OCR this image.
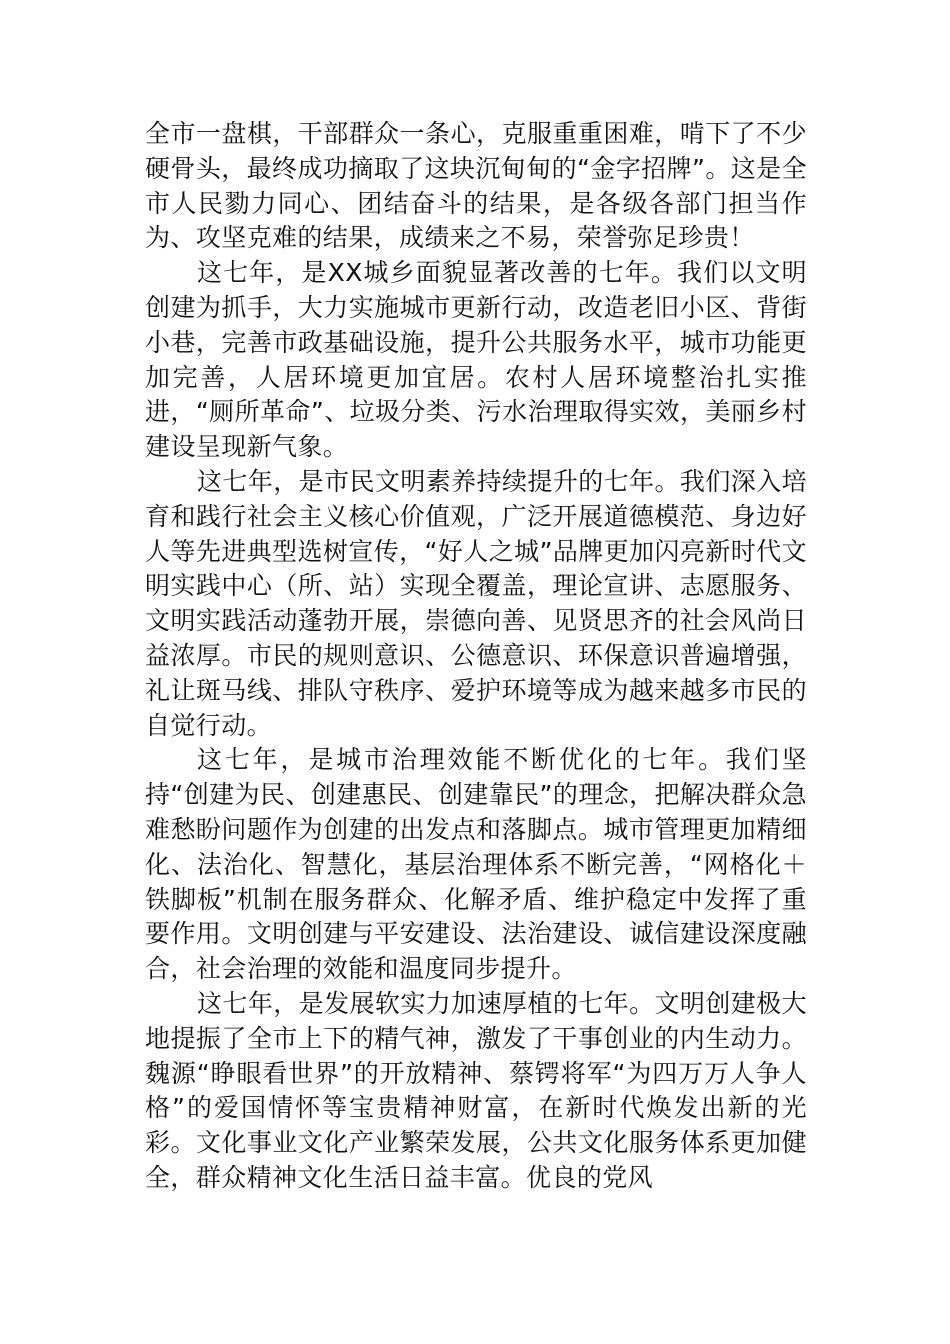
全市一盘棋，干部群众一条心，克服重重困难，啃下了不少硬骨头，最终成功摘取了这块沉甸甸的“金字招牌”。这是全市人民勠力同心、团结奋斗的结果，是各级各部门担当作为、攻坚克难的结果，成绩来之不易，荣誉弥足珍贵！

这七年，是XX城乡面貌显著改善的七年。我们以文明创建为抓手，大力实施城市更新行动，改造老旧小区、背街小巷，完善市政基础设施，提升公共服务水平，城市功能更加完善，人居环境更加宜居。农村人居环境整治扎实推进，“厕所革命”、垃圾分类、污水治理取得实效，美丽乡村建设呈现新气象。

这七年，是市民文明素养持续提升的七年。我们深入培育和践行社会主义核心价值观，广泛开展道德模范、身边好人等先进典型选树宣传，“好人之城”品牌更加闪亮新时代文明实践中心（所、站）实现全覆盖，理论宣讲、志愿服务、文明实践活动蓬勃开展，崇德向善、见贤思齐的社会风尚日益浓厚。市民的规则意识、公德意识、环保意识普遍增强，礼让斑马线、排队守秩序、爱护环境等成为越来越多市民的自觉行动。

这七年，是城市治理效能不断优化的七年。我们坚持“创建为民、创建惠民、创建靠民”的理念，把解决群众急难愁盼问题作为创建的出发点和落脚点。城市管理更加精细化、法治化、智慧化，基层治理体系不断完善，“网格化＋铁脚板”机制在服务群众、化解矛盾、维护稳定中发挥了重要作用。文明创建与平安建设、法治建设、诚信建设深度融合，社会治理的效能和温度同步提升。

这七年，是发展软实力加速厚植的七年。文明创建极大地提振了全市上下的精气神，激发了干事创业的内生动力。魏源“睁眼看世界”的开放精神、蔡锷将军“为四万万人争人格”的爱国情怀等宝贵精神财富，在新时代焕发出新的光彩。文化事业文化产业繁荣发展，公共文化服务体系更加健全，群众精神文化生活日益丰富。优良的党风
